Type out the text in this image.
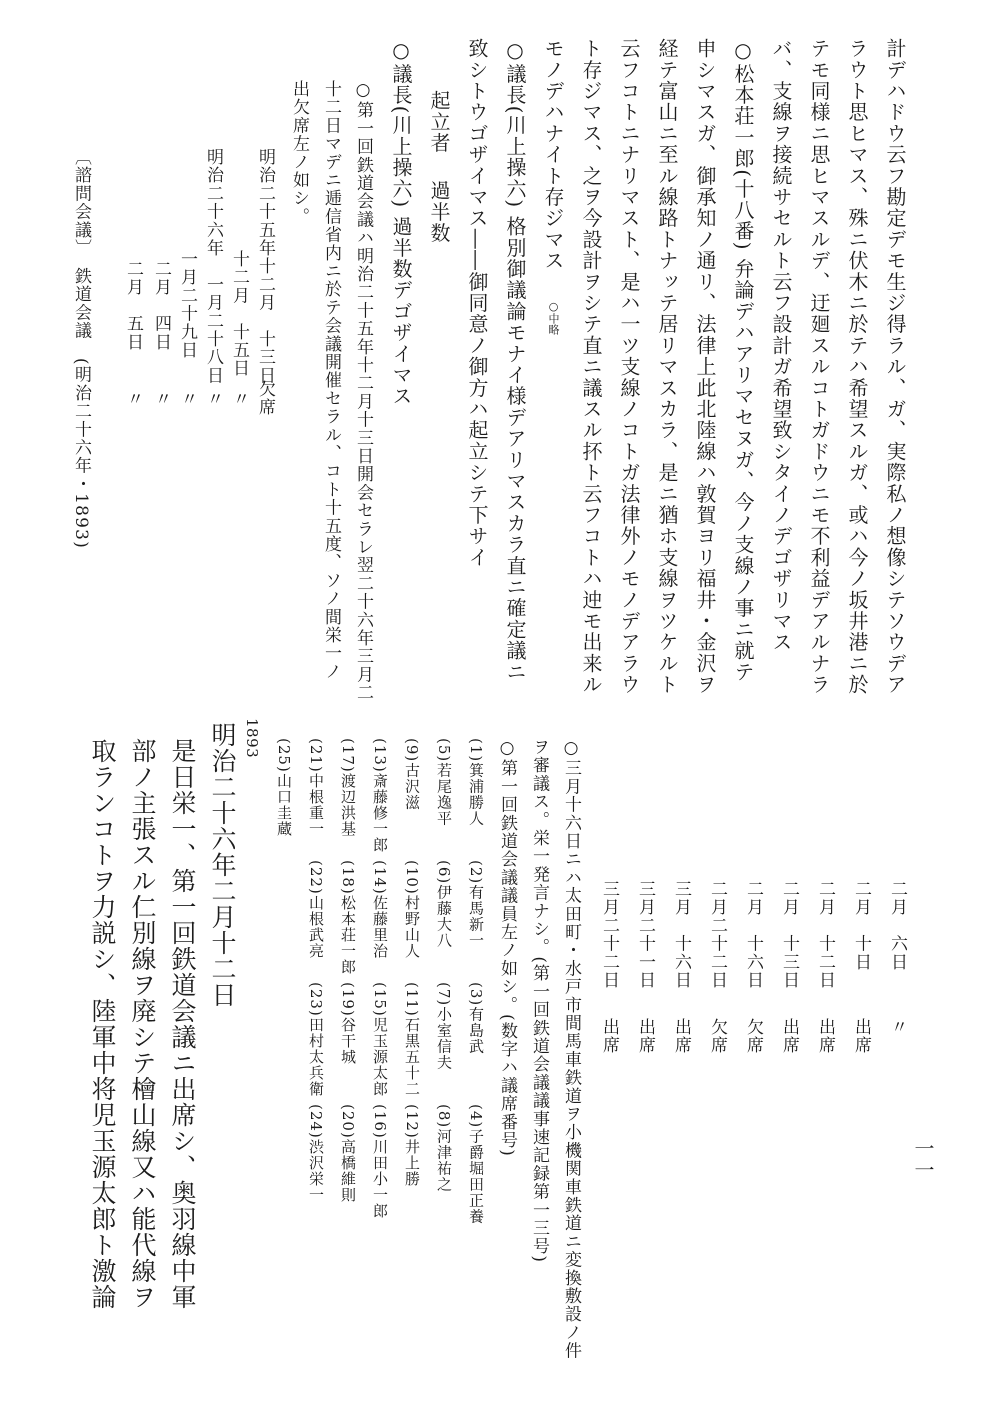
計デハドウ云フ勘定デモ生ジ得ラル、ガ、実際私ノ想像シテソウデア
ラウト思ヒマス、殊ニ伏木ニ於テハ希望スルガ、或ハ今ノ坂井港ニ於
テモ同様ニ思ヒマスルデ、迂廻スルコトガドウニモ不利益デアルナラ
バ、支線ヲ接続サセルト云フ設計ガ希望致シタイノデゴザリマス
○松本荘一郎(十八番) 弁論デハアリマセヌガ、今ノ支線ノ事ニ就テ
申シマスガ、御承知ノ通リ、法律上此北陸線ハ敦賀ヨリ福井・金沢ヲ
経テ富山ニ至ル線路トナッテ居リマスカラ、是ニ猶ホ支線ヲツケルト
云フコトニナリマスト、是ハ一ツ支線ノコトガ法律外ノモノデアラウ
ト存ジマス、之ヲ今設計ヲシテ直ニ議スル抔ト云フコトハ迚モ出来ル
モノデハナイト存ジマス
○中略
○議長(川上操六) 格別御議論モナイ様デアリマスカラ直ニ確定議ニ
致シトウゴザイマス――御同意ノ御方ハ起立シテ下サイ
起立者
過半数
○議長(川上操六) 過半数デゴザイマス
○第一回鉄道会議ハ明治二十五年十二月十三日開会セラレ翌二十六年三月二
十二日マデニ逓信省内ニ於テ会議開催セラル、コト十五度、ソノ間栄一ノ
出欠席左ノ如シ。
明治二十五年十二月　十三日
欠席
十二月　十五日
〃
明治二十六年　一月二十八日
〃
一月二十九日
〃
二月　四日
〃
二月　五日
〃
〔諮問会議〕　鉄道会議　(明治二十六年・1893)
二月　六日
〃
二月　十日
出席
二月　十二日
出席
二月　十三日
出席
二月　十六日
欠席
二月二十二日
欠席
三月　十六日
出席
三月二十一日
出席
三月二十二日
出席
○三月十六日ニハ太田町・水戸市間馬車鉄道ヲ小機関車鉄道ニ変換敷設ノ件
ヲ審議ス。栄一発言ナシ。(第一回鉄道会議議事速記録第一三号)
○第一回鉄道会議議員左ノ如シ。(数字ハ議席番号)
(1)箕浦勝人
(2)有馬新一
(3)有島武
(4)子爵堀田正養
(5)若尾逸平
(6)伊藤大八
(7)小室信夫
(8)河津祐之
(9)古沢滋
(10)村野山人
(11)石黒五十二
(12)井上勝
(13)斎藤修一郎
(14)佐藤里治
(15)児玉源太郎
(16)川田小一郎
(17)渡辺洪基
(18)松本荘一郎
(19)谷干城
(20)高橋維則
(21)中根重一
(22)山根武亮
(23)田村太兵衛
(24)渋沢栄一
(25)山口圭蔵
1893
明治二十六年二月十二日
是日栄一、第一回鉄道会議ニ出席シ、奥羽線中軍
部ノ主張スル仁別線ヲ廃シテ檜山線又ハ能代線ヲ
取ランコトヲ力説シ、陸軍中将児玉源太郎ト激論	一一
